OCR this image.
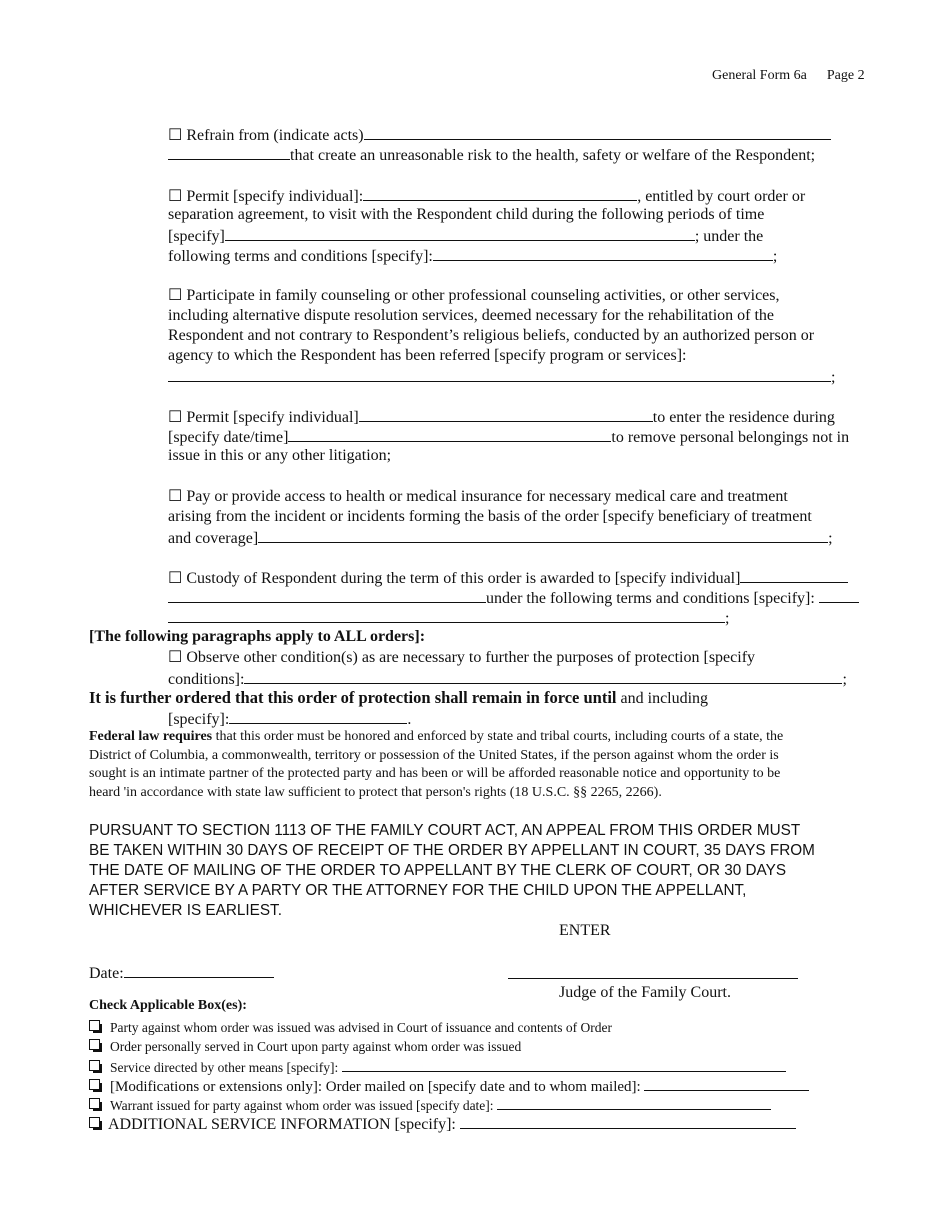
General Form 6a Page 2
☐ Refrain from (indicate acts)
that create an unreasonable risk to the health, safety or welfare of the Respondent;
☐ Permit [specify individual]:	, entitled by court order or
separation agreement, to visit with the Respondent child during the following periods of time
[specify]	; under the
following terms and conditions [specify]:	;
☐ Participate in family counseling or other professional counseling activities, or other services,
including alternative dispute resolution services, deemed necessary for the rehabilitation of the
Respondent and not contrary to Respondent’s religious beliefs, conducted by an authorized person or
agency to which the Respondent has been referred [specify program or services]:
;
☐ Permit [specify individual]	to enter the residence during
[specify date/time]	to remove personal belongings not in
issue in this or any other litigation;
☐ Pay or provide access to health or medical insurance for necessary medical care and treatment
arising from the incident or incidents forming the basis of the order [specify beneficiary of treatment
and coverage]	;
☐ Custody of Respondent during the term of this order is awarded to [specify individual]
under the following terms and conditions [specify]:
;
[The following paragraphs apply to ALL orders]:
☐ Observe other condition(s) as are necessary to further the purposes of protection [specify
conditions]:	;
It is further ordered that this order of protection shall remain in force until and including
[specify]:	.
Federal law requires that this order must be honored and enforced by state and tribal courts, including courts of a state, the
District of Columbia, a commonwealth, territory or possession of the United States, if the person against whom the order is
sought is an intimate partner of the protected party and has been or will be afforded reasonable notice and opportunity to be
heard 'in accordance with state law sufficient to protect that person's rights (18 U.S.C. §§ 2265, 2266).
PURSUANT TO SECTION 1113 OF THE FAMILY COURT ACT, AN APPEAL FROM THIS ORDER MUST
BE TAKEN WITHIN 30 DAYS OF RECEIPT OF THE ORDER BY APPELLANT IN COURT, 35 DAYS FROM
THE DATE OF MAILING OF THE ORDER TO APPELLANT BY THE CLERK OF COURT, OR 30 DAYS
AFTER SERVICE BY A PARTY OR THE ATTORNEY FOR THE CHILD UPON THE APPELLANT,
WHICHEVER IS EARLIEST.
ENTER
Date:
Judge of the Family Court.
Check Applicable Box(es):
Party against whom order was issued was advised in Court of issuance and contents of Order
Order personally served in Court upon party against whom order was issued
Service directed by other means [specify]:
[Modifications or extensions only]: Order mailed on [specify date and to whom mailed]:
Warrant issued for party against whom order was issued [specify date]:
ADDITIONAL SERVICE INFORMATION [specify]:
